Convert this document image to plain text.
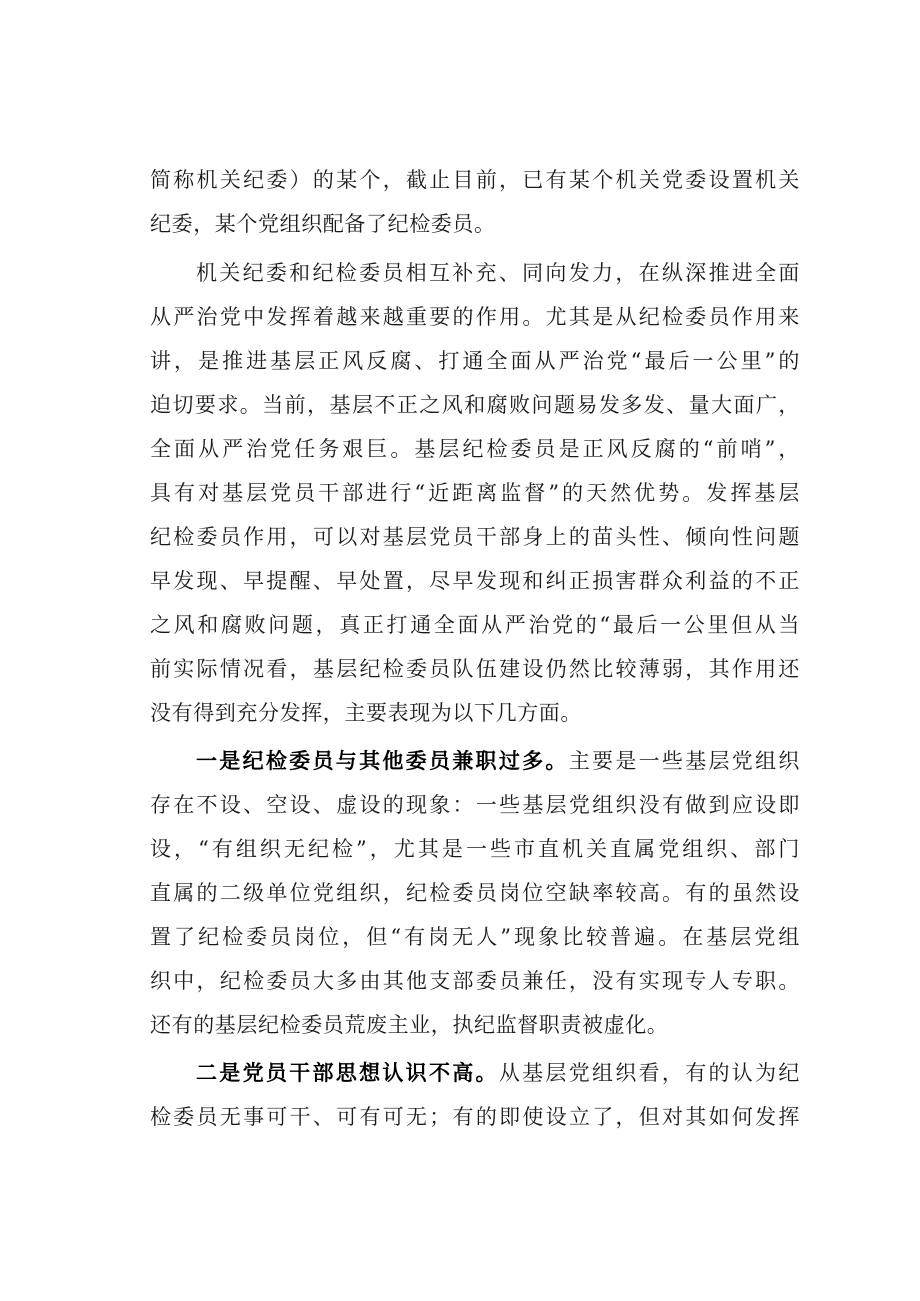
简称机关纪委）的某个，截止目前，已有某个机关党委设置机关
纪委，某个党组织配备了纪检委员。
机关纪委和纪检委员相互补充、同向发力，在纵深推进全面
从严治党中发挥着越来越重要的作用。尤其是从纪检委员作用来
讲，是推进基层正风反腐、打通全面从严治党“最后一公里”的
迫切要求。当前，基层不正之风和腐败问题易发多发、量大面广，
全面从严治党任务艰巨。基层纪检委员是正风反腐的“前哨”，
具有对基层党员干部进行“近距离监督”的天然优势。发挥基层
纪检委员作用，可以对基层党员干部身上的苗头性、倾向性问题
早发现、早提醒、早处置，尽早发现和纠正损害群众利益的不正
之风和腐败问题，真正打通全面从严治党的“最后一公里但从当
前实际情况看，基层纪检委员队伍建设仍然比较薄弱，其作用还
没有得到充分发挥，主要表现为以下几方面。
一是纪检委员与其他委员兼职过多。主要是一些基层党组织
存在不设、空设、虚设的现象：一些基层党组织没有做到应设即
设，“有组织无纪检”，尤其是一些市直机关直属党组织、部门
直属的二级单位党组织，纪检委员岗位空缺率较高。有的虽然设
置了纪检委员岗位，但“有岗无人”现象比较普遍。在基层党组
织中，纪检委员大多由其他支部委员兼任，没有实现专人专职。
还有的基层纪检委员荒废主业，执纪监督职责被虚化。
二是党员干部思想认识不高。从基层党组织看，有的认为纪
检委员无事可干、可有可无；有的即使设立了，但对其如何发挥
